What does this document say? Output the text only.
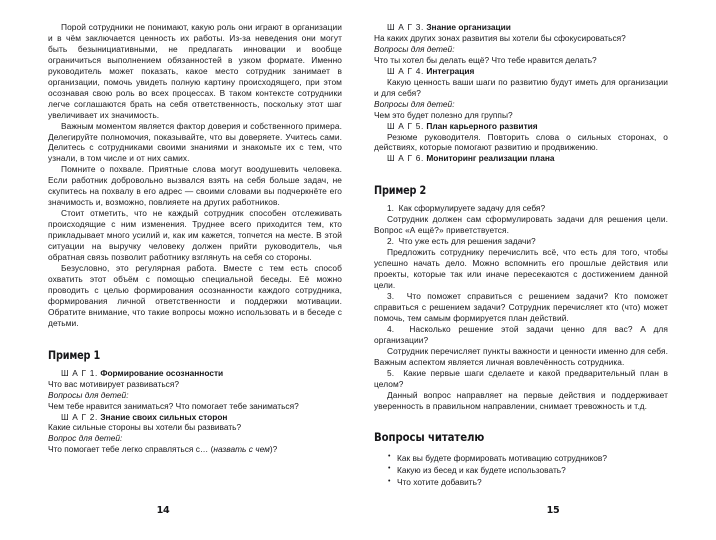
Порой сотрудники не понимают, какую роль они играют в организации и в чём заключается ценность их работы. Из-за неведения они могут быть безынициативными, не предлагать инновации и вообще ограничиться выполнением обязанностей в узком формате. Именно руководитель может показать, какое место сотрудник занимает в организации, помочь увидеть полную картину происходящего, при этом осознавая свою роль во всех процессах. В таком контексте сотрудники легче соглашаются брать на себя ответственность, поскольку этот шаг увеличивает их значимость.

Важным моментом является фактор доверия и собственного примера. Делегируйте полномочия, показывайте, что вы доверяете. Учитесь сами. Делитесь с сотрудниками своими знаниями и знакомьте их с тем, что узнали, в том числе и от них самих.

Помните о похвале. Приятные слова могут воодушевить человека. Если работник добровольно вызвался взять на себя больше задач, не скупитесь на похвалу в его адрес — своими словами вы подчеркнёте его значимость и, возможно, повлияете на других работников.

Стоит отметить, что не каждый сотрудник способен отслеживать происходящие с ним изменения. Труднее всего приходится тем, кто прикладывает много усилий и, как им кажется, топчется на месте. В этой ситуации на выручку человеку должен прийти руководитель, чья обратная связь позволит работнику взглянуть на себя со стороны.

Безусловно, это регулярная работа. Вместе с тем есть способ охватить этот объём с помощью специальной беседы. Её можно проводить с целью формирования осознанности каждого сотрудника, формирования личной ответственности и поддержки мотивации. Обратите внимание, что такие вопросы можно использовать и в беседе с детьми.

Пример 1

Ш А Г 1. Формирование осознанности

Что вас мотивирует развиваться?

Вопросы для детей:

Чем тебе нравится заниматься? Что помогает тебе заниматься?

Ш А Г 2. Знание своих сильных сторон

Какие сильные стороны вы хотели бы развивать?

Вопрос для детей:

Что помогает тебе легко справляться с… (назвать с чем)?

14

Ш А Г 3. Знание организации

На каких других зонах развития вы хотели бы сфокусироваться?

Вопросы для детей:

Что ты хотел бы делать ещё? Что тебе нравится делать?

Ш А Г 4. Интеграция

Какую ценность ваши шаги по развитию будут иметь для организации и для себя?

Вопросы для детей:

Чем это будет полезно для группы?

Ш А Г 5. План карьерного развития

Резюме руководителя. Повторить слова о сильных сторонах, о действиях, которые помогают развитию и продвижению.

Ш А Г 6. Мониторинг реализации плана

Пример 2

1. Как сформулируете задачу для себя?

Сотрудник должен сам сформулировать задачи для решения цели. Вопрос «А ещё?» приветствуется.

2. Что уже есть для решения задачи?

Предложить сотруднику перечислить всё, что есть для того, чтобы успешно начать дело. Можно вспомнить его прошлые действия или проекты, которые так или иначе пересекаются с достижением данной цели.

3. Что поможет справиться с решением задачи? Кто поможет справиться с решением задачи? Сотрудник перечисляет кто (что) может помочь, тем самым формируется план действий.

4. Насколько решение этой задачи ценно для вас? А для организации?

Сотрудник перечисляет пункты важности и ценности именно для себя. Важным аспектом является личная вовлечённость сотрудника.

5. Какие первые шаги сделаете и какой предварительный план в целом?

Данный вопрос направляет на первые действия и поддерживает уверенность в правильном направлении, снимает тревожность и т.д.

Вопросы читателю
• Как вы будете формировать мотивацию сотрудников?
• Какую из бесед и как будете использовать?
• Что хотите добавить?
15
